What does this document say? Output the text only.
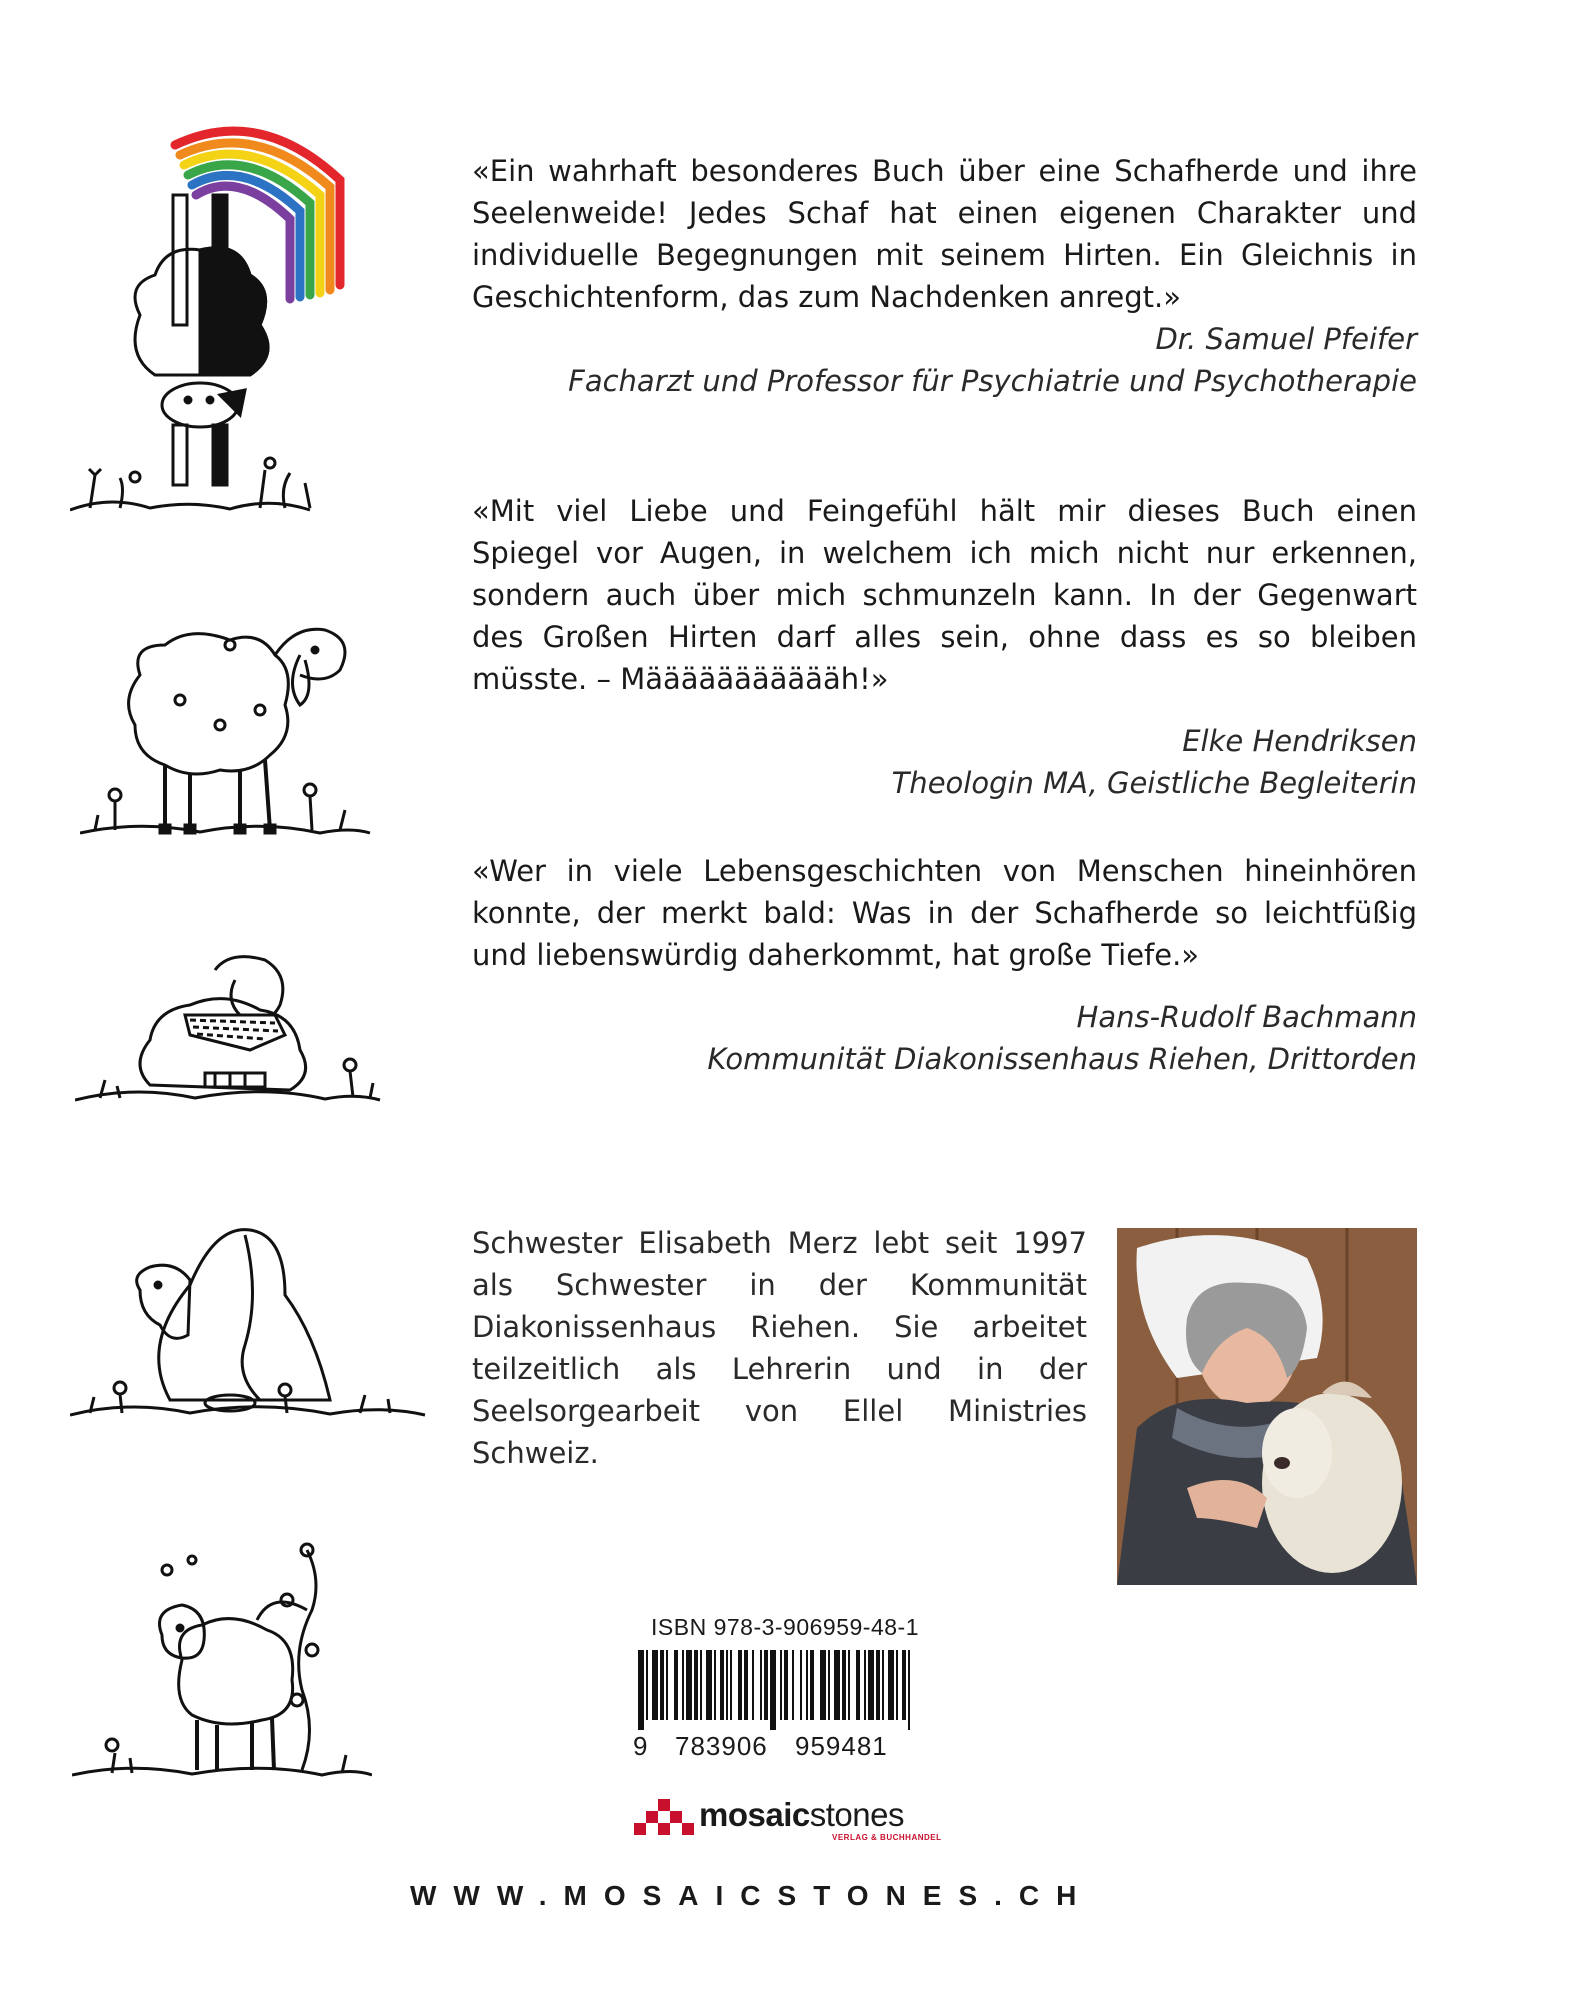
«Ein wahrhaft besonderes Buch über eine Schafherde und ihre Seelenweide! Jedes Schaf hat einen eigenen Charakter und individuelle Begegnungen mit seinem Hirten. Ein Gleichnis in Geschichtenform, das zum Nachdenken anregt.»

Dr. Samuel Pfeifer
Facharzt und Professor für Psychiatrie und Psychotherapie

«Mit viel Liebe und Feingefühl hält mir dieses Buch einen Spiegel vor Augen, in welchem ich mich nicht nur erkennen, sondern auch über mich schmunzeln kann. In der Gegenwart des Großen Hirten darf alles sein, ohne dass es so bleiben müsste. – Määäääääääääh!»

Elke Hendriksen
Theologin MA, Geistliche Begleiterin

«Wer in viele Lebensgeschichten von Menschen hineinhören konnte, der merkt bald: Was in der Schafherde so leichtfüßig und liebenswürdig daherkommt, hat große Tiefe.»

Hans-Rudolf Bachmann
Kommunität Diakonissenhaus Riehen, Drittorden
Schwester Elisabeth Merz lebt seit 1997 als Schwester in der Kommunität Diakonissenhaus Riehen. Sie arbeitet teilzeitlich als Lehrerin und in der Seelsorgearbeit von Ellel Ministries Schweiz.
ISBN 978-3-906959-48-1
9 783906 959481
mosaicstones
VERLAG & BUCHHANDEL
WWW.MOSAICSTONES.CH
